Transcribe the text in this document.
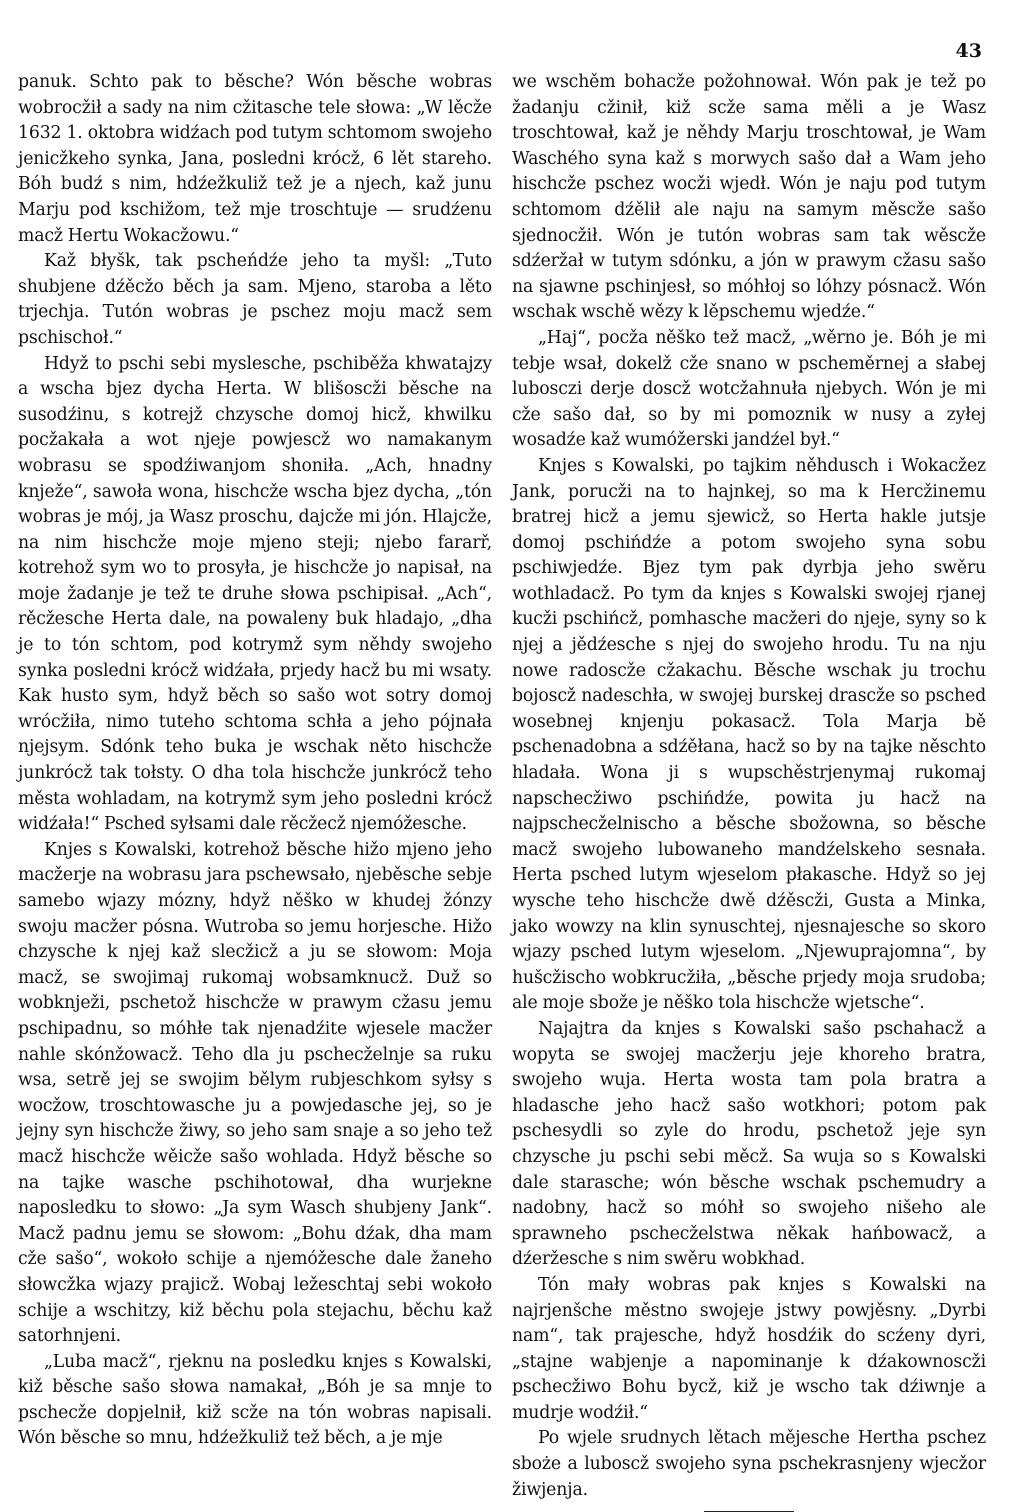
43

panuk. Schto pak to běsche? Wón běsche wobras wobrocžił a sady na nim cžitasche tele słowa: „W lěcže 1632 1. oktobra widźach pod tutym schtomom swojeho jenicžkeho synka, Jana, posledni krócž, 6 lět stareho. Bóh budź s nim, hdźežkuliž tež je a njech, kaž junu Marju pod kschižom, tež mje troschtuje — srudźenu macž Hertu Wokacžowu.“

Kaž błyšk, tak pscheńdźe jeho ta myšl: „Tuto shubjene dźěcžo běch ja sam. Mjeno, staroba a lěto trjechja. Tutón wobras je pschez moju macž sem pschischoł.“

Hdyž to pschi sebi myslesche, pschiběža khwatajzy a wscha bjez dycha Herta. W blišoscži běsche na susodźinu, s kotrejž chzysche domoj hicž, khwilku pocžakała a wot njeje powjescž wo namakanym wobrasu se spodźiwanjom shoniła. „Ach, hnadny knježe“, sawoła wona, hischcže wscha bjez dycha, „tón wobras je mój, ja Wasz proschu, dajcže mi jón. Hlajcže, na nim hischcže moje mjeno steji; njebo fararř, kotrehož sym wo to prosyła, je hischcže jo napisał, na moje žadanje je tež te druhe słowa pschipisał. „Ach“, rěcžesche Herta dale, na powaleny buk hladajo, „dha je to tón schtom, pod kotrymž sym něhdy swojeho synka posledni krócž widźała, prjedy hacž bu mi wsaty. Kak husto sym, hdyž běch so sašo wot sotry domoj wrócžiła, nimo tuteho schtoma schła a jeho pójnała njejsym. Sdónk teho buka je wschak něto hischcže junkrócž tak tołsty. O dha tola hischcže junkrócž teho města wohladam, na kotrymž sym jeho posledni krócž widźała!“ Psched syłsami dale rěcžecž njemóžesche.

Knjes s Kowalski, kotrehož běsche hižo mjeno jeho macžerje na wobrasu jara pschewsało, njeběsche sebje samebo wjazy mózny, hdyž něško w khudej žónzy swoju macžer pósna. Wutroba so jemu horjesche. Hižo chzysche k njej kaž slecžicž a ju se słowom: Moja macž, se swojimaj rukomaj wobsamknucž. Duž so wobknježi, pschetož hischcže w prawym cžasu jemu pschipadnu, so móhłe tak njenadźite wjesele macžer nahle skónžowacž. Teho dla ju pschecželnje sa ruku wsa, setrě jej se swojim bělym rubjeschkom syłsy s wocžow, troschtowasche ju a powjedasche jej, so je jejny syn hischcže žiwy, so jeho sam snaje a so jeho tež macž hischcže wěicže sašo wohlada. Hdyž běsche so na tajke wasche pschihotował, dha wurjekne naposledku to słowo: „Ja sym Wasch shubjeny Jank“. Macž padnu jemu se słowom: „Bohu dźak, dha mam cže sašo“, wokoło schije a njemóžesche dale žaneho słowcžka wjazy prajicž. Wobaj ležeschtaj sebi wokoło schije a wschitzy, kiž běchu pola stejachu, běchu kaž satorhnjeni.

„Luba macž“, rjeknu na posledku knjes s Kowalski, kiž běsche sašo słowa namakał, „Bóh je sa mnje to pschecže dopjelnił, kiž scže na tón wobras napisali. Wón běsche so mnu, hdźežkuliž tež běch, a je mje

we wschěm bohacže požohnował. Wón pak je tež po žadanju cžinił, kiž scže sama měli a je Wasz troschtował, kaž je něhdy Marju troschtował, je Wam Waschého syna kaž s morwych sašo dał a Wam jeho hischcže pschez wocži wjedł. Wón je naju pod tutym schtomom dźělił ale naju na samym měscže sašo sjednocžił. Wón je tutón wobras sam tak wěscže sdźeržał w tutym sdónku, a jón w prawym cžasu sašo na sjawne pschinjesł, so móhłoj so lóhzy pósnacž. Wón wschak wschě wězy k lěpschemu wjedźe.“

„Haj“, pocža něško tež macž, „wěrno je. Bóh je mi tebje wsał, dokelž cže snano w pscheměrnej a słabej lubosczi derje doscž wotcžahnuła njebych. Wón je mi cže sašo dał, so by mi pomoznik w nusy a zyłej wosadźe kaž wumóžerski jandźel był.“

Knjes s Kowalski, po tajkim něhdusch i Wokacžez Jank, porucži na to hajnkej, so ma k Hercžinemu bratrej hicž a jemu sjewicž, so Herta hakle jutsje domoj pschińdźe a potom swojeho syna sobu pschiwjedźe. Bjez tym pak dyrbja jeho swěru wothladacž. Po tym da knjes s Kowalski swojej rjanej kucži pschińcž, pomhasche macžeri do njeje, syny so k njej a jědźesche s njej do swojeho hrodu. Tu na nju nowe radoscže cžakachu. Běsche wschak ju trochu bojoscž nadeschła, w swojej burskej drascže so psched wosebnej knjenju pokasacž. Tola Marja bě pschenadobna a sdźěłana, hacž so by na tajke něschto hladała. Wona ji s wupschěstrjenymaj rukomaj napschecžiwo pschińdźe, powita ju hacž na najpschecželnischo a běsche sbožowna, so běsche macž swojeho lubowaneho mandźelskeho sesnała. Herta psched lutym wjeselom płakasche. Hdyž so jej wysche teho hischcže dwě dźěscži, Gusta a Minka, jako wowzy na klin synuschtej, njesnajesche so skoro wjazy psched lutym wjeselom. „Njewuprajomna“, by hušcžischo wobkrucžiła, „běsche prjedy moja srudoba; ale moje sbože je něško tola hischcže wjetsche“.

Najajtra da knjes s Kowalski sašo pschahacž a wopyta se swojej macžerju jeje khoreho bratra, swojeho wuja. Herta wosta tam pola bratra a hladasche jeho hacž sašo wotkhori; potom pak pschesydli so zyle do hrodu, pschetož jeje syn chzysche ju pschi sebi měcž. Sa wuja so s Kowalski dale starasche; wón běsche wschak pschemudry a nadobny, hacž so móhł so swojeho nišeho ale sprawneho pschecželstwa někak hańbowacž, a dźeržesche s nim swěru wobkhad.

Tón mały wobras pak knjes s Kowalski na najrjenšche městno swojeje jstwy powjěsny. „Dyrbi nam“, tak prajesche, hdyž hosdźik do scźeny dyri, „stajne wabjenje a napominanje k dźakownoscži pschecžiwo Bohu bycž, kiž je wscho tak dźiwnje a mudrje wodźił.“

Po wjele srudnych lětach mějesche Hertha pschez sboże a luboscž swojeho syna pschekrasnjeny wjecžor žiwjenja.
